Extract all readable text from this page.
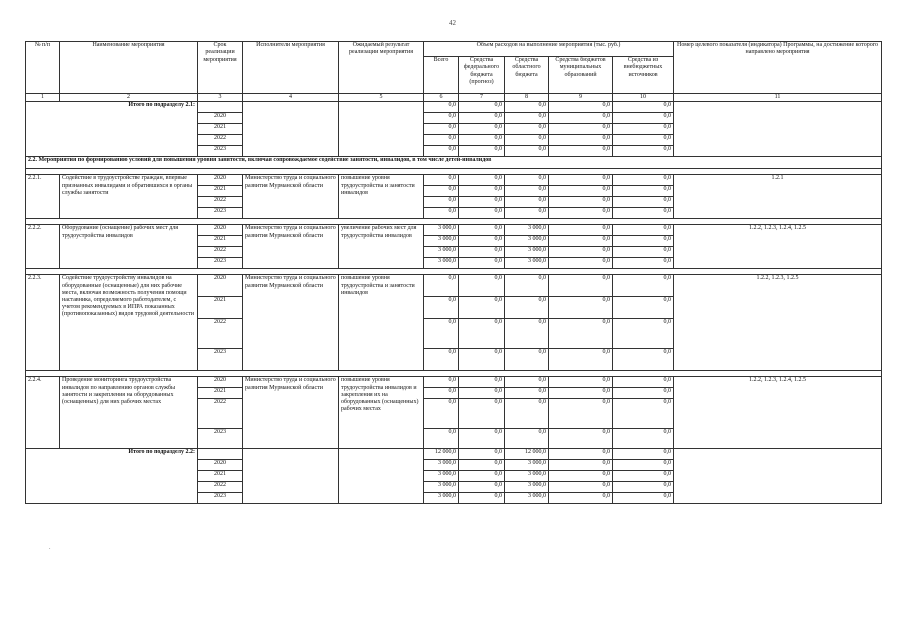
42
№ п/п	Наименование мероприятия	Срок реализации мероприятия	Исполнители мероприятия	Ожидаемый результат реализации мероприятия	Объем расходов на выполнение мероприятия (тыс. руб.)					Номер целевого показателя (индикатора) Программы, на достижение которого направлено мероприятия
					Всего	Средства федерального бюджета (прогноз)	Средства областного бюджета	Средства бюджетов муниципальных образований	Средства из внебюджетных источников	
1	2	3	4	5	6	7	8	9	10	11
Итого по подразделу 2.1:					0,0	0,0	0,0	0,0	0,0	
		2020			0,0	0,0	0,0	0,0	0,0	
		2021			0,0	0,0	0,0	0,0	0,0	
		2022			0,0	0,0	0,0	0,0	0,0	
		2023			0,0	0,0	0,0	0,0	0,0	
2.2. Мероприятия по формированию условий для повышения уровня занятости, включая сопровождаемое содействие занятости, инвалидов, в том числе детей-инвалидов										

2.2.1.	Содействие в трудоустройстве граждан, впервые признанных инвалидами и обратившихся в органы службы занятости	2020	Министерство труда и социального развития Мурманской области	повышение уровня трудоустройства и занятости инвалидов	0,0	0,0	0,0	0,0	0,0	1.2.1
		2021			0,0	0,0	0,0	0,0	0,0	
		2022			0,0	0,0	0,0	0,0	0,0	
		2023			0,0	0,0	0,0	0,0	0,0	

2.2.2.	Оборудование (оснащение) рабочих мест для трудоустройства инвалидов	2020	Министерство труда и социального развития Мурманской области	увеличение рабочих мест для трудоустройства инвалидов	3 000,0	0,0	3 000,0	0,0	0,0	1.2.2, 1.2.3, 1.2.4, 1.2.5
		2021			3 000,0	0,0	3 000,0	0,0	0,0	
		2022			3 000,0	0,0	3 000,0	0,0	0,0	
		2023			3 000,0	0,0	3 000,0	0,0	0,0	

2.2.3.	Содействие трудоустройству инвалидов на оборудованные (оснащенные) для них рабочие места, включая возможность получения помощи наставника, определяемого работодателем, с учетом рекомендуемых в ИПРА показанных (противопоказанных) видов трудовой деятельности	2020	Министерство труда и социального развития Мурманской области	повышение уровня трудоустройства и занятости инвалидов	0,0	0,0	0,0	0,0	0,0	1.2.2, 1.2.3, 1.2.5
		2021			0,0	0,0	0,0	0,0	0,0	
		2022			0,0	0,0	0,0	0,0	0,0	
		2023			0,0	0,0	0,0	0,0	0,0	

2.2.4.	Проведение мониторинга трудоустройства инвалидов по направлению органов службы занятости и закрепления на оборудованных (оснащенных) для них рабочих местах	2020	Министерство труда и социального развития Мурманской области	повышение уровня трудоустройства инвалидов и закрепления их на оборудованных (оснащенных) рабочих местах	0,0	0,0	0,0	0,0	0,0	1.2.2, 1.2.3, 1.2.4, 1.2.5
		2021			0,0	0,0	0,0	0,0	0,0	
		2022			0,0	0,0	0,0	0,0	0,0	
		2023			0,0	0,0	0,0	0,0	0,0	
Итого по подразделу 2.2:					12 000,0	0,0	12 000,0	0,0	0,0	
		2020			3 000,0	0,0	3 000,0	0,0	0,0	
		2021			3 000,0	0,0	3 000,0	0,0	0,0	
		2022			3 000,0	0,0	3 000,0	0,0	0,0	
		2023			3 000,0	0,0	3 000,0	0,0	0,0	
.
